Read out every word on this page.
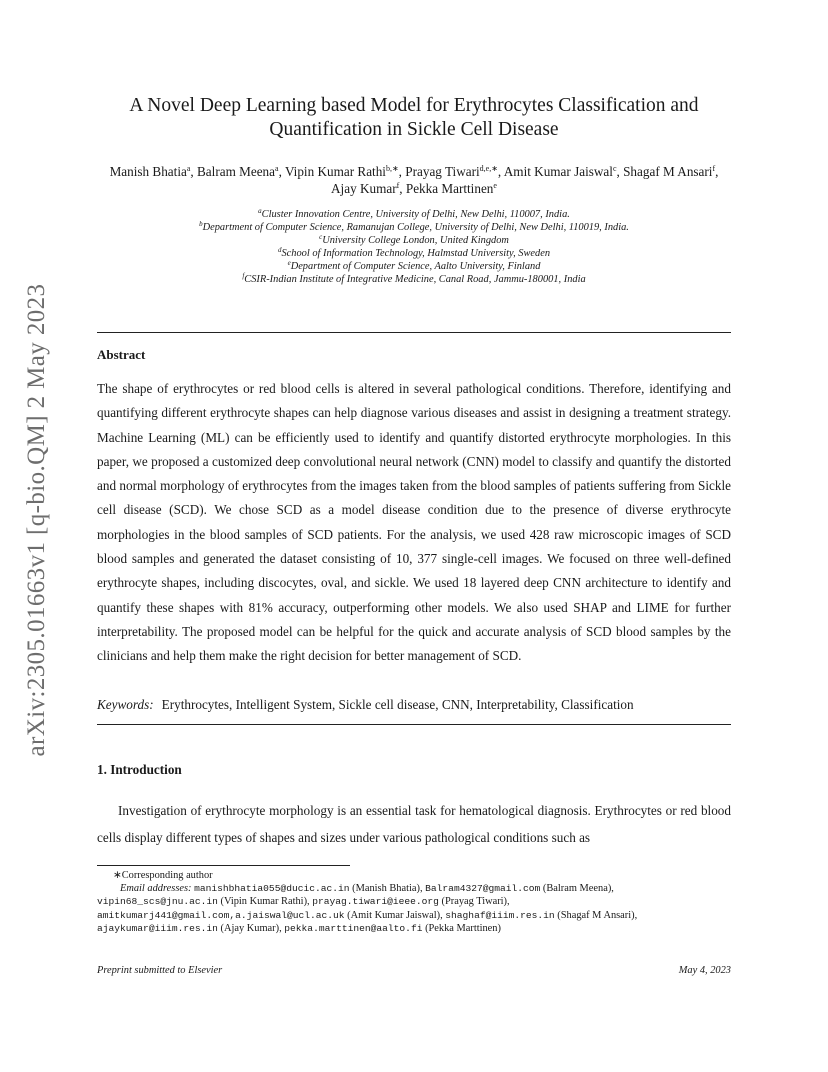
arXiv:2305.01663v1 [q-bio.QM] 2 May 2023
A Novel Deep Learning based Model for Erythrocytes Classification and
Quantification in Sickle Cell Disease
Manish Bhatia$^a$, Balram Meena$^a$, Vipin Kumar Rathi$^{b,∗}$, Prayag Tiwari$^{d,e,∗}$, Amit Kumar Jaiswal$^c$, Shagaf M Ansari$^f$, Ajay Kumar$^f$, Pekka Marttinen$^e$
$^a$Cluster Innovation Centre, University of Delhi, New Delhi, 110007, India.
$^b$Department of Computer Science, Ramanujan College, University of Delhi, New Delhi, 110019, India.
$^c$University College London, United Kingdom
$^d$School of Information Technology, Halmstad University, Sweden
$^e$Department of Computer Science, Aalto University, Finland
$^f$CSIR-Indian Institute of Integrative Medicine, Canal Road, Jammu-180001, India
Abstract
The shape of erythrocytes or red blood cells is altered in several pathological conditions. Therefore, identifying and quantifying different erythrocyte shapes can help diagnose various diseases and assist in designing a treatment strategy. Machine Learning (ML) can be efficiently used to identify and quantify distorted erythrocyte morphologies. In this paper, we proposed a customized deep convolutional neural network (CNN) model to classify and quantify the distorted and normal morphology of erythrocytes from the images taken from the blood samples of patients suffering from Sickle cell disease (SCD). We chose SCD as a model disease condition due to the presence of diverse erythrocyte morphologies in the blood samples of SCD patients. For the analysis, we used 428 raw microscopic images of SCD blood samples and generated the dataset consisting of 10, 377 single-cell images. We focused on three well-defined erythrocyte shapes, including discocytes, oval, and sickle. We used 18 layered deep CNN architecture to identify and quantify these shapes with 81% accuracy, outperforming other models. We also used SHAP and LIME for further interpretability. The proposed model can be helpful for the quick and accurate analysis of SCD blood samples by the clinicians and help them make the right decision for better management of SCD.
Keywords: Erythrocytes, Intelligent System, Sickle cell disease, CNN, Interpretability, Classification
1. Introduction
Investigation of erythrocyte morphology is an essential task for hematological diagnosis. Erythrocytes or red blood cells display different types of shapes and sizes under various pathological conditions such as
∗Corresponding author
Email addresses: manishbhatia055@ducic.ac.in (Manish Bhatia), Balram4327@gmail.com (Balram Meena), vipin68_scs@jnu.ac.in (Vipin Kumar Rathi), prayag.tiwari@ieee.org (Prayag Tiwari), amitkumarj441@gmail.com,a.jaiswal@ucl.ac.uk (Amit Kumar Jaiswal), shaghaf@iiim.res.in (Shagaf M Ansari), ajaykumar@iiim.res.in (Ajay Kumar), pekka.marttinen@aalto.fi (Pekka Marttinen)
Preprint submitted to Elsevier	May 4, 2023
